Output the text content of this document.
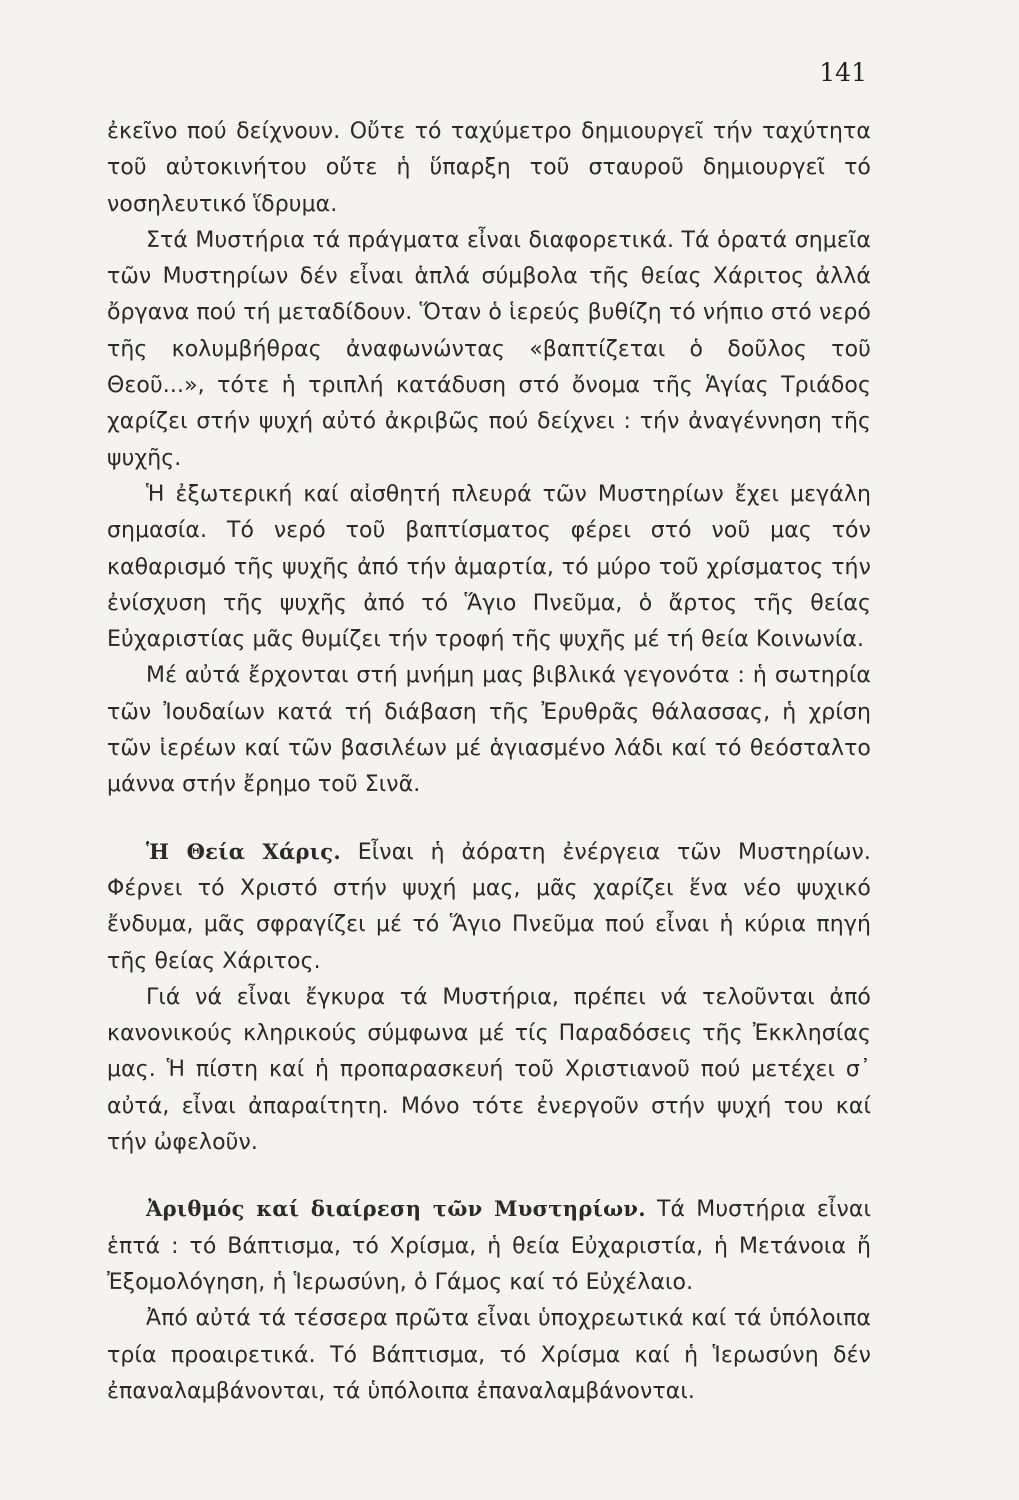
141

ἐκεῖνο πού δείχνουν. Οὔτε τό ταχύμετρο δημιουργεῖ τήν ταχύτητα τοῦ αὐτοκινήτου οὔτε ἡ ὕπαρξη τοῦ σταυροῦ δημιουργεῖ τό νοσηλευτικό ἵδρυμα.

Στά Μυστήρια τά πράγματα εἶναι διαφορετικά. Τά ὁρατά σημεῖα τῶν Μυστηρίων δέν εἶναι ἁπλά σύμβολα τῆς θείας Χάριτος ἀλλά ὄργανα πού τή μεταδίδουν. Ὅταν ὁ ἱερεύς βυθίζη τό νήπιο στό νερό τῆς κολυμβήθρας ἀναφωνώντας «βαπτίζεται ὁ δοῦλος τοῦ Θεοῦ...», τότε ἡ τριπλή κατάδυση στό ὄνομα τῆς Ἁγίας Τριάδος χαρίζει στήν ψυχή αὐτό ἀκριβῶς πού δείχνει : τήν ἀναγέννηση τῆς ψυχῆς.

Ἡ ἐξωτερική καί αἰσθητή πλευρά τῶν Μυστηρίων ἔχει μεγάλη σημασία. Τό νερό τοῦ βαπτίσματος φέρει στό νοῦ μας τόν καθαρισμό τῆς ψυχῆς ἀπό τήν ἁμαρτία, τό μύρο τοῦ χρίσματος τήν ἐνίσχυση τῆς ψυχῆς ἀπό τό Ἅγιο Πνεῦμα, ὁ ἄρτος τῆς θείας Εὐχαριστίας μᾶς θυμίζει τήν τροφή τῆς ψυχῆς μέ τή θεία Κοινωνία.

Μέ αὐτά ἔρχονται στή μνήμη μας βιβλικά γεγονότα : ἡ σωτηρία τῶν Ἰουδαίων κατά τή διάβαση τῆς Ἐρυθρᾶς θάλασσας, ἡ χρίση τῶν ἱερέων καί τῶν βασιλέων μέ ἁγιασμένο λάδι καί τό θεόσταλτο μάννα στήν ἔρημο τοῦ Σινᾶ.

Ἡ Θεία Χάρις. Εἶναι ἡ ἀόρατη ἐνέργεια τῶν Μυστηρίων. Φέρνει τό Χριστό στήν ψυχή μας, μᾶς χαρίζει ἕνα νέο ψυχικό ἔνδυμα, μᾶς σφραγίζει μέ τό Ἅγιο Πνεῦμα πού εἶναι ἡ κύρια πηγή τῆς θείας Χάριτος.

Γιά νά εἶναι ἔγκυρα τά Μυστήρια, πρέπει νά τελοῦνται ἀπό κανονικούς κληρικούς σύμφωνα μέ τίς Παραδόσεις τῆς Ἐκκλησίας μας. Ἡ πίστη καί ἡ προπαρασκευή τοῦ Χριστιανοῦ πού μετέχει σ᾿ αὐτά, εἶναι ἀπαραίτητη. Μόνο τότε ἐνεργοῦν στήν ψυχή του καί τήν ὠφελοῦν.

Ἀριθμός καί διαίρεση τῶν Μυστηρίων. Τά Μυστήρια εἶναι ἑπτά : τό Βάπτισμα, τό Χρίσμα, ἡ θεία Εὐχαριστία, ἡ Μετάνοια ἤ Ἐξομολόγηση, ἡ Ἱερωσύνη, ὁ Γάμος καί τό Εὐχέλαιο.

Ἀπό αὐτά τά τέσσερα πρῶτα εἶναι ὑποχρεωτικά καί τά ὑπόλοιπα τρία προαιρετικά. Τό Βάπτισμα, τό Χρίσμα καί ἡ Ἱερωσύνη δέν ἐπαναλαμβάνονται, τά ὑπόλοιπα ἐπαναλαμβάνονται.
